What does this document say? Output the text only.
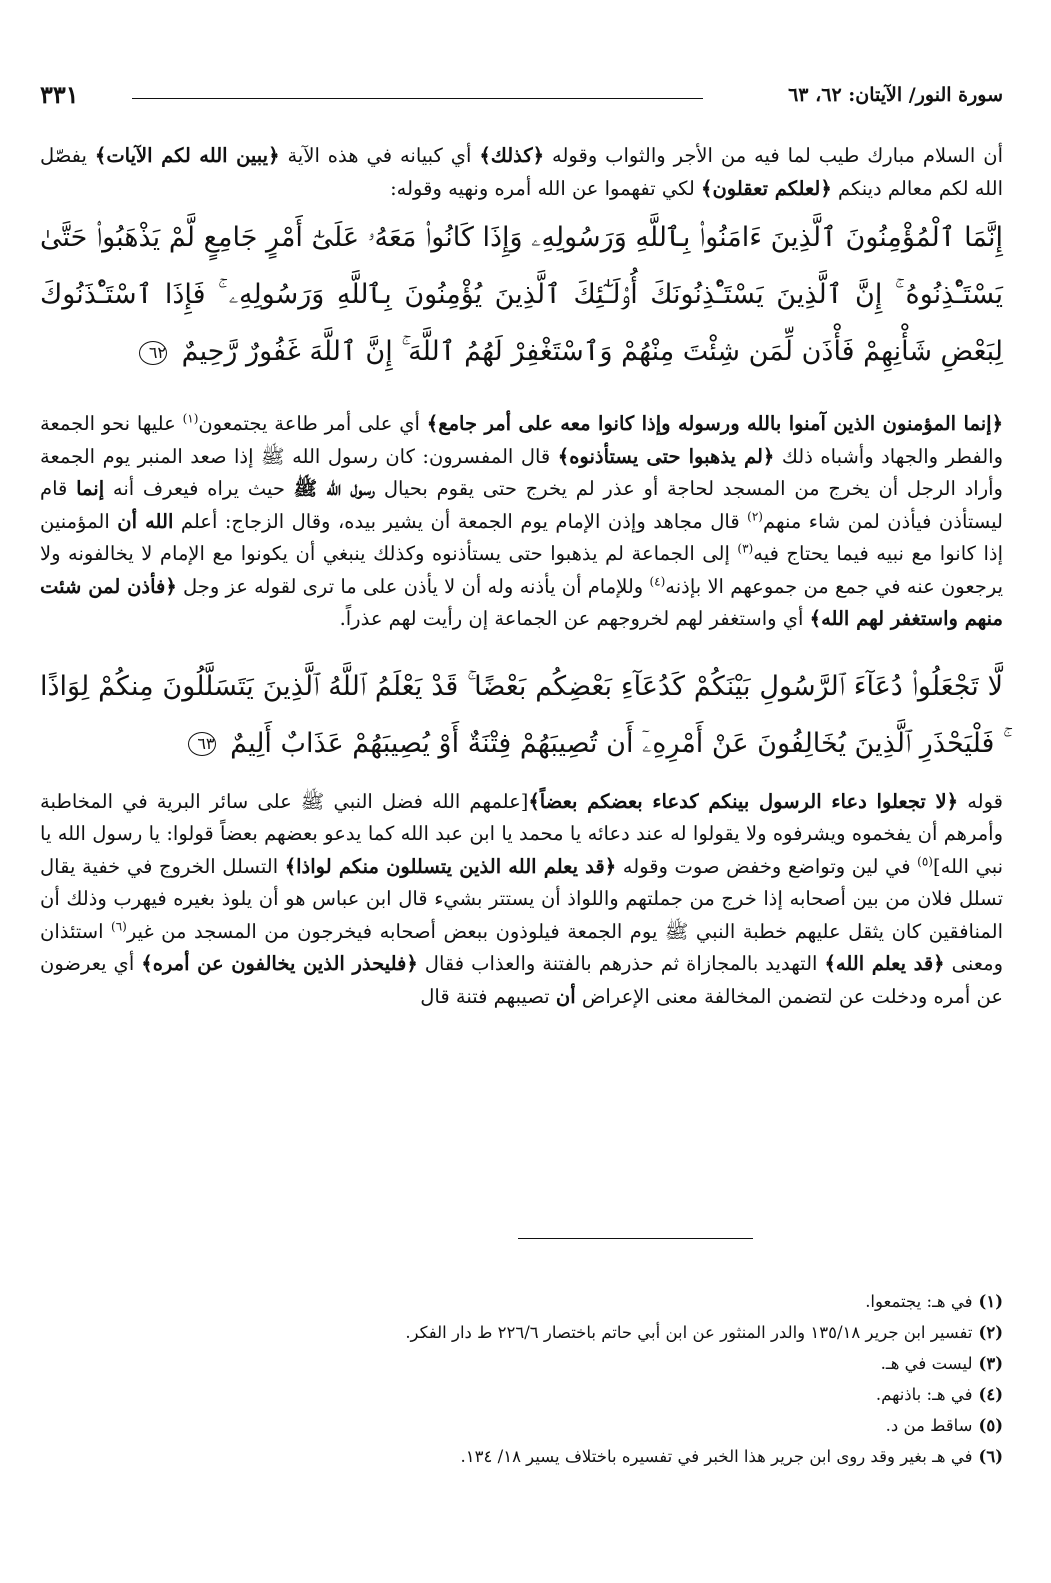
سورة النور/ الآيتان: ٦٢، ٦٣
٣٣١

أن السلام مبارك طيب لما فيه من الأجر والثواب وقوله ﴿كذلك﴾ أي كبيانه في هذه الآية ﴿يبين الله لكم الآيات﴾ يفصّل الله لكم معالم دينكم ﴿لعلكم تعقلون﴾ لكي تفهموا عن الله أمره ونهيه وقوله:

إِنَّمَا ٱلْمُؤْمِنُونَ ٱلَّذِينَ ءَامَنُوا۟ بِٱللَّهِ وَرَسُولِهِۦ وَإِذَا كَانُوا۟ مَعَهُۥ عَلَىٰٓ أَمْرٍ جَامِعٍ لَّمْ يَذْهَبُوا۟ حَتَّىٰ يَسْتَـْٔذِنُوهُ ۚ إِنَّ ٱلَّذِينَ يَسْتَـْٔذِنُونَكَ أُو۟لَـٰٓئِكَ ٱلَّذِينَ يُؤْمِنُونَ بِٱللَّهِ وَرَسُولِهِۦ ۚ فَإِذَا ٱسْتَـْٔذَنُوكَ لِبَعْضِ شَأْنِهِمْ فَأْذَن لِّمَن شِئْتَ مِنْهُمْ وَٱسْتَغْفِرْ لَهُمُ ٱللَّهَ ۚ إِنَّ ٱللَّهَ غَفُورٌ رَّحِيمٌ ٦٢

﴿إنما المؤمنون الذين آمنوا بالله ورسوله وإذا كانوا معه على أمر جامع﴾ أي على أمر طاعة يجتمعون$^{(١)}$ عليها نحو الجمعة والفطر والجهاد وأشباه ذلك ﴿لم يذهبوا حتى يستأذنوه﴾ قال المفسرون: كان رسول الله ﷺ إذا صعد المنبر يوم الجمعة وأراد الرجل أن يخرج من المسجد لحاجة أو عذر لم يخرج حتى يقوم بحيال رسول الله ﷺ حيث يراه فيعرف أنه إنما قام ليستأذن فيأذن لمن شاء منهم$^{(٢)}$ قال مجاهد وإذن الإمام يوم الجمعة أن يشير بيده، وقال الزجاج: أعلم الله أن المؤمنين إذا كانوا مع نبيه فيما يحتاج فيه$^{(٣)}$ إلى الجماعة لم يذهبوا حتى يستأذنوه وكذلك ينبغي أن يكونوا مع الإمام لا يخالفونه ولا يرجعون عنه في جمع من جموعهم الا بإذنه$^{(٤)}$ وللإمام أن يأذنه وله أن لا يأذن على ما ترى لقوله عز وجل ﴿فأذن لمن شئت منهم واستغفر لهم الله﴾ أي واستغفر لهم لخروجهم عن الجماعة إن رأيت لهم عذراً.

لَّا تَجْعَلُوا۟ دُعَآءَ ٱلرَّسُولِ بَيْنَكُمْ كَدُعَآءِ بَعْضِكُم بَعْضًا ۚ قَدْ يَعْلَمُ ٱللَّهُ ٱلَّذِينَ يَتَسَلَّلُونَ مِنكُمْ لِوَاذًا ۚ فَلْيَحْذَرِ ٱلَّذِينَ يُخَالِفُونَ عَنْ أَمْرِهِۦٓ أَن تُصِيبَهُمْ فِتْنَةٌ أَوْ يُصِيبَهُمْ عَذَابٌ أَلِيمٌ ٦٣

قوله ﴿لا تجعلوا دعاء الرسول بينكم كدعاء بعضكم بعضاً﴾[علمهم الله فضل النبي ﷺ على سائر البرية في المخاطبة وأمرهم أن يفخموه ويشرفوه ولا يقولوا له عند دعائه يا محمد يا ابن عبد الله كما يدعو بعضهم بعضاً قولوا: يا رسول الله يا نبي الله]$^{(٥)}$ في لين وتواضع وخفض صوت وقوله ﴿قد يعلم الله الذين يتسللون منكم لواذا﴾ التسلل الخروج في خفية يقال تسلل فلان من بين أصحابه إذا خرج من جملتهم واللواذ أن يستتر بشيء قال ابن عباس هو أن يلوذ بغيره فيهرب وذلك أن المنافقين كان يثقل عليهم خطبة النبي ﷺ يوم الجمعة فيلوذون ببعض أصحابه فيخرجون من المسجد من غير$^{(٦)}$ استئذان ومعنى ﴿قد يعلم الله﴾ التهديد بالمجازاة ثم حذرهم بالفتنة والعذاب فقال ﴿فليحذر الذين يخالفون عن أمره﴾ أي يعرضون عن أمره ودخلت عن لتضمن المخالفة معنى الإعراض أن تصيبهم فتنة قال

(١)في هـ: يجتمعوا.
(٢)تفسير ابن جرير ١٣٥/١٨ والدر المنثور عن ابن أبي حاتم باختصار ٢٢٦/٦ ط دار الفكر.
(٣)ليست في هـ.
(٤)في هـ: باذنهم.
(٥)ساقط من د.
(٦)في هـ بغير وقد روى ابن جرير هذا الخبر في تفسيره باختلاف يسير ١٨/ ١٣٤.
